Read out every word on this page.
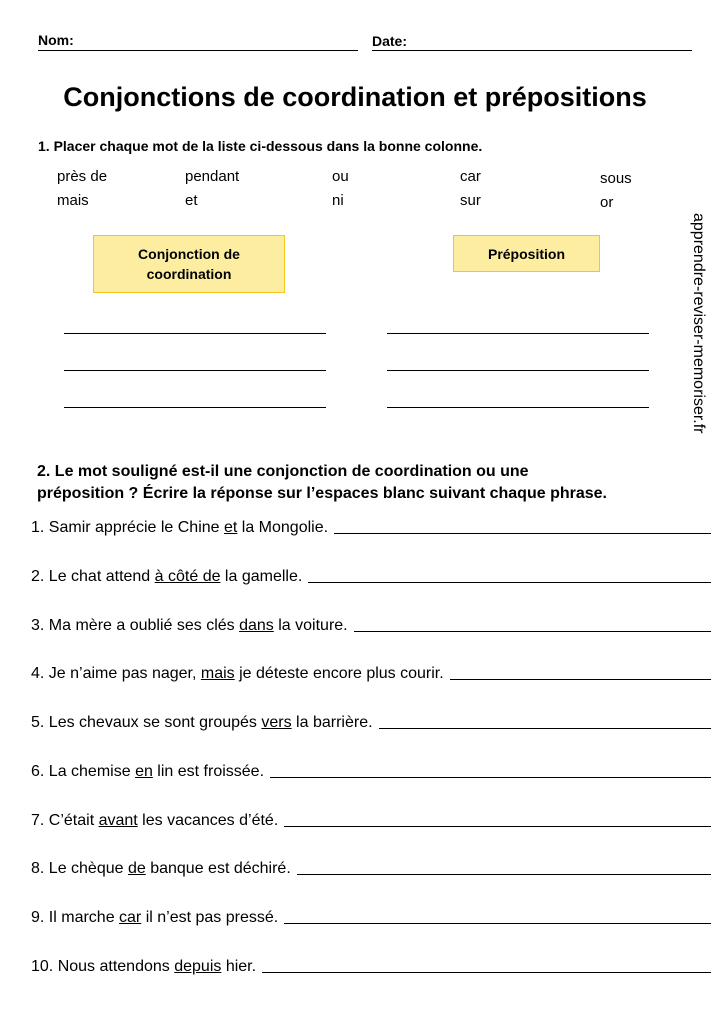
Nom:	Date:
Conjonctions de coordination et prépositions
apprendre-reviser-memoriser.fr
1. Placer chaque mot de la liste ci-dessous dans la bonne colonne.
près de	pendant	ou	car	sous
mais	et	ni	sur	or
Conjonction de
coordination
Préposition
2. Le mot souligné est-il une conjonction de coordination ou une
préposition ? Écrire la réponse sur l’espaces blanc suivant chaque phrase.
1. Samir apprécie le Chine et la Mongolie.
2. Le chat attend à côté de la gamelle.
3. Ma mère a oublié ses clés dans la voiture.
4. Je n’aime pas nager, mais je déteste encore plus courir.
5. Les chevaux se sont groupés vers la barrière.
6. La chemise en lin est froissée.
7. C’était avant les vacances d’été.
8. Le chèque de banque est déchiré.
9. Il marche car il n’est pas pressé.
10. Nous attendons depuis hier.
